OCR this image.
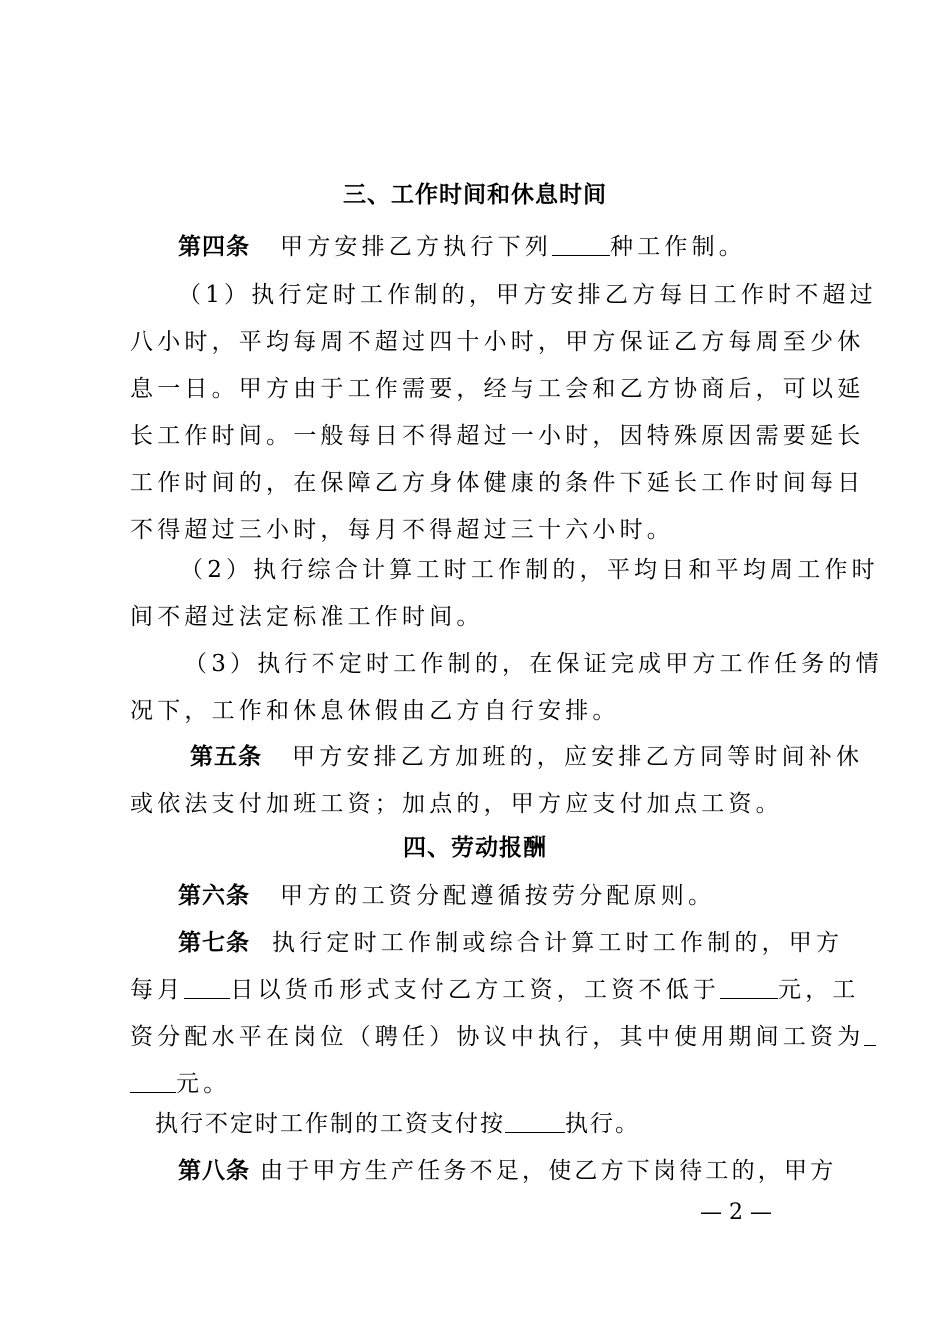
三、工作时间和休息时间
第四条 甲方安排乙方执行下列	种工作制。
（1）执行定时工作制的，甲方安排乙方每日工作时不超过
八小时，平均每周不超过四十小时，甲方保证乙方每周至少休
息一日。甲方由于工作需要，经与工会和乙方协商后，可以延
长工作时间。一般每日不得超过一小时，因特殊原因需要延长
工作时间的，在保障乙方身体健康的条件下延长工作时间每日
不得超过三小时，每月不得超过三十六小时。
（2）执行综合计算工时工作制的，平均日和平均周工作时
间不超过法定标准工作时间。
（3）执行不定时工作制的，在保证完成甲方工作任务的情
况下，工作和休息休假由乙方自行安排。
第五条 甲方安排乙方加班的，应安排乙方同等时间补休
或依法支付加班工资；加点的，甲方应支付加点工资。
四、劳动报酬
第六条 甲方的工资分配遵循按劳分配原则。
第七条 执行定时工作制或综合计算工时工作制的，甲方
每月 日以货币形式支付乙方工资，工资不低于	元，工
资分配水平在岗位（聘任）协议中执行，其中使用期间工资为
元。
执行不定时工作制的工资支付按	执行。
第八条 由于甲方生产任务不足，使乙方下岗待工的，甲方
— 2 —
